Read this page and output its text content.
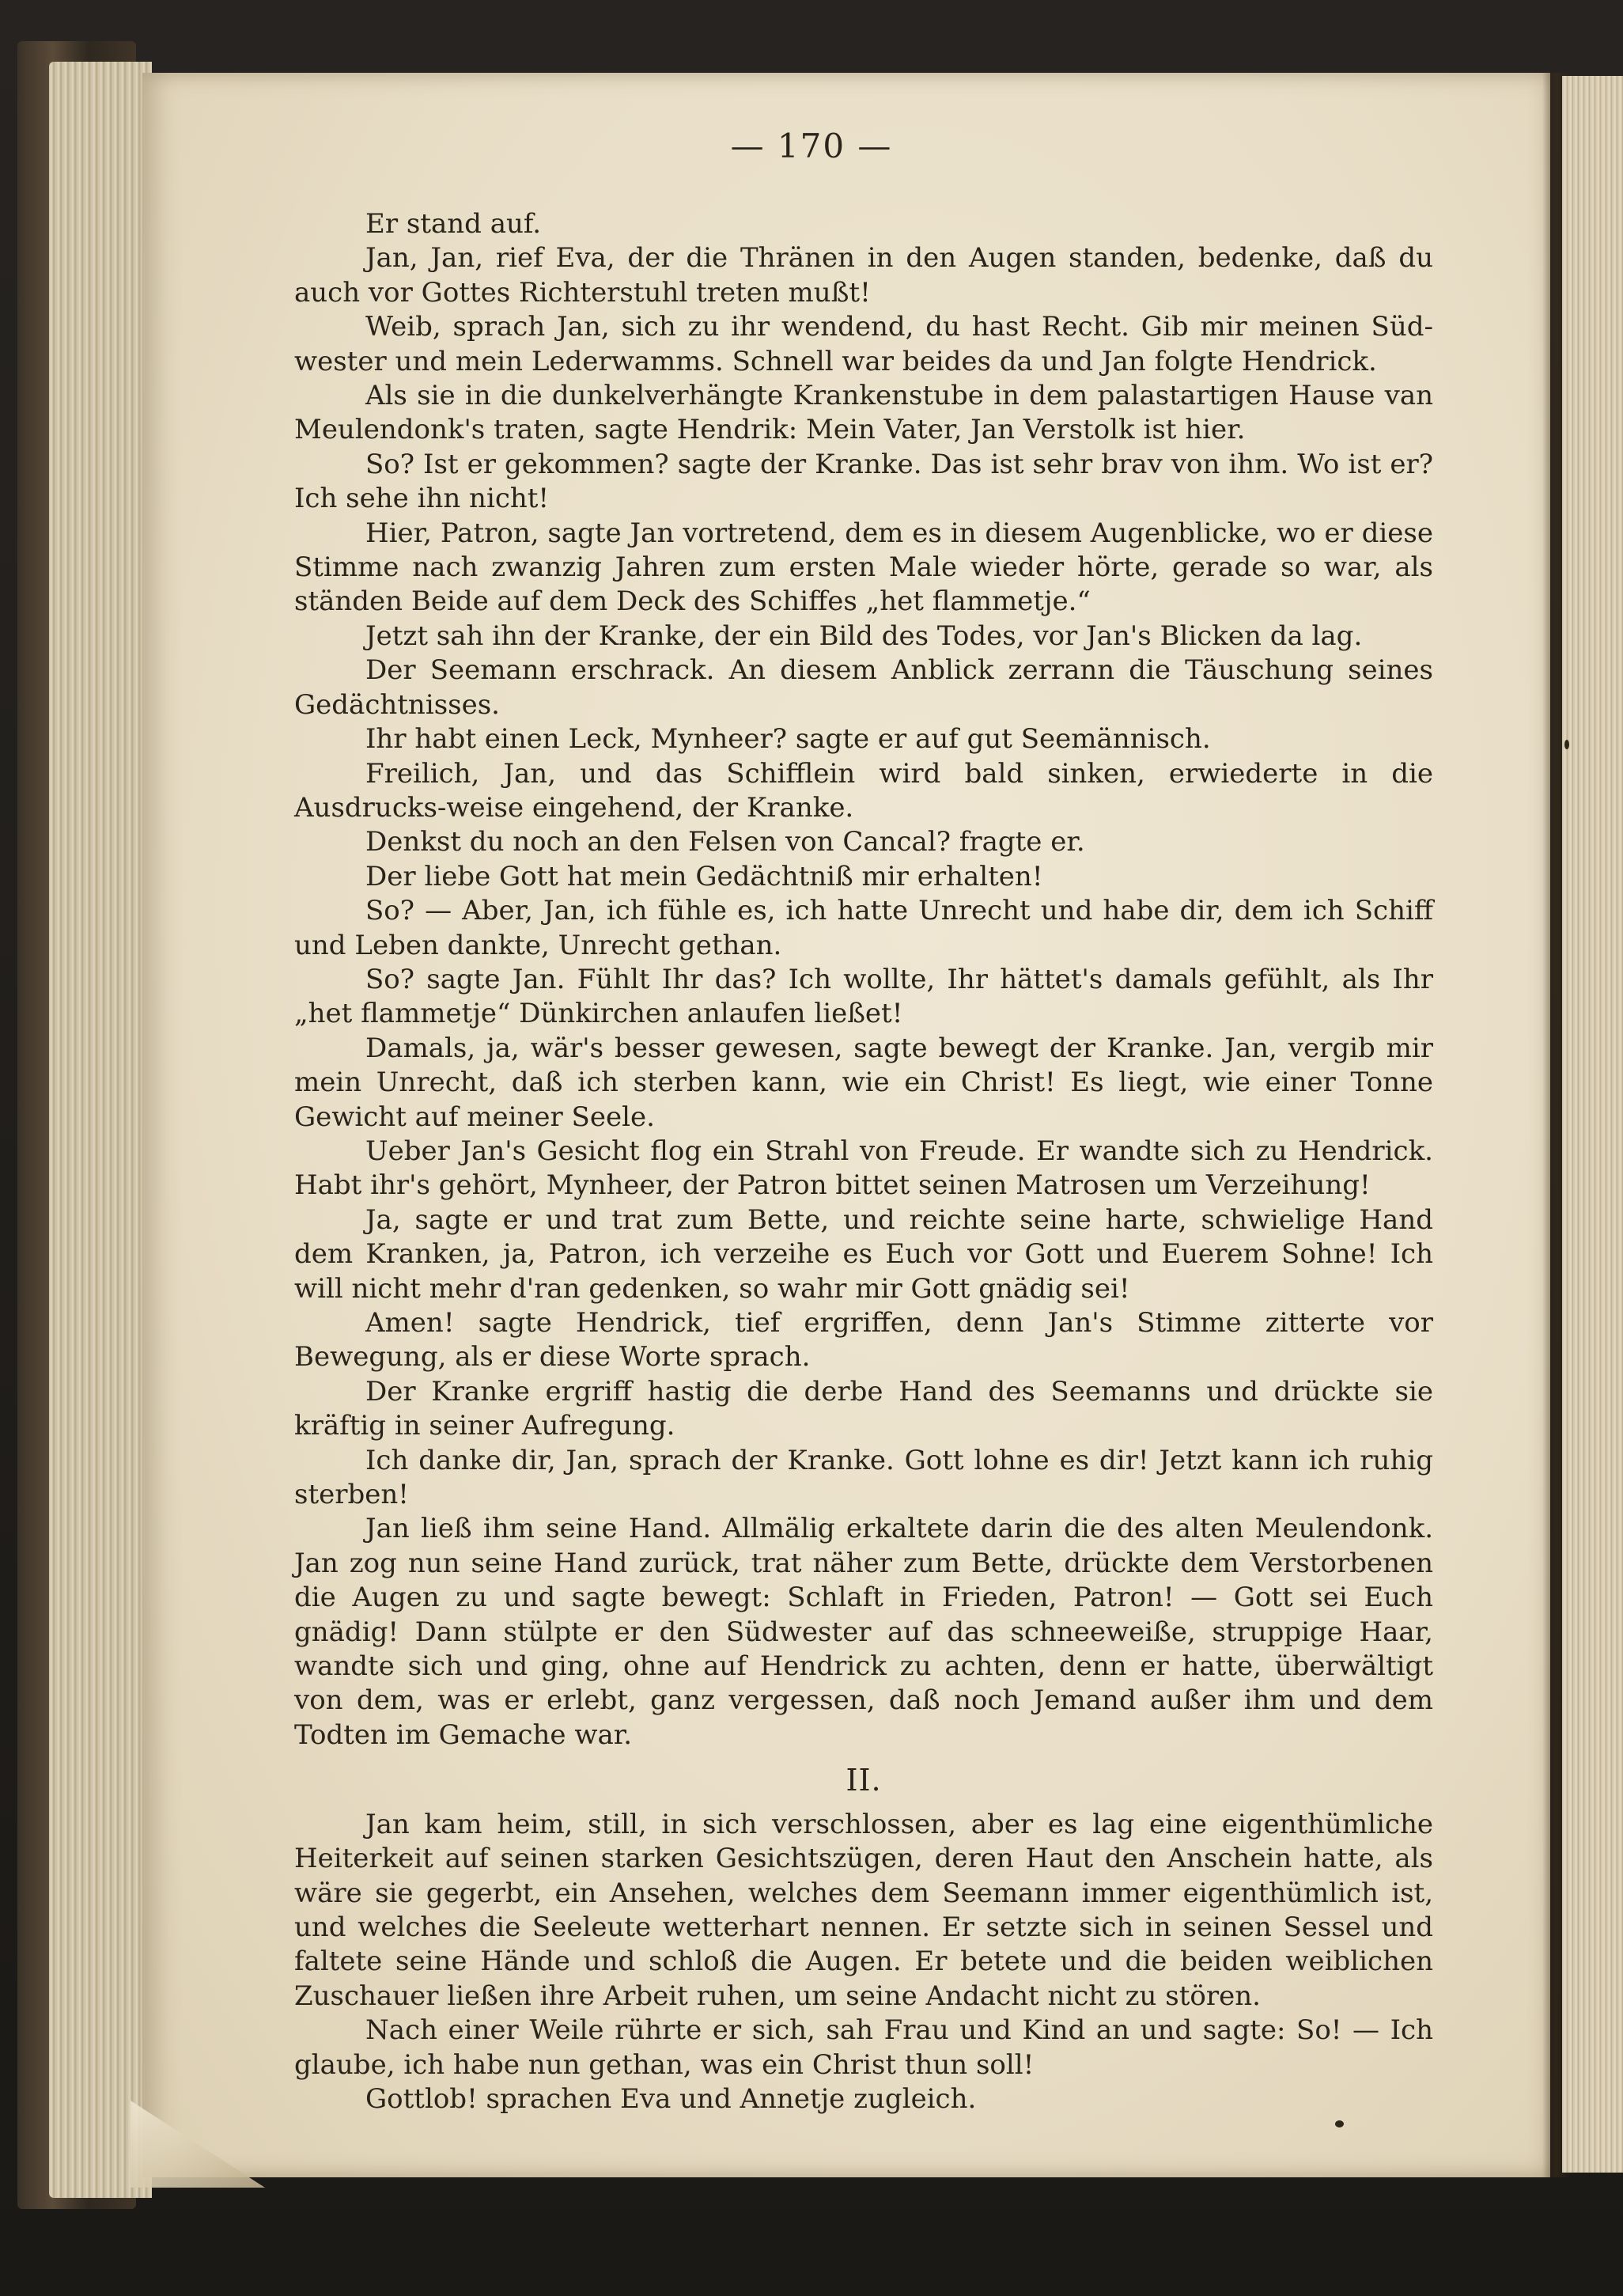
— 170 —

Er stand auf.

Jan, Jan, rief Eva, der die Thränen in den Augen standen, bedenke, daß du auch vor Gottes Richterstuhl treten mußt!

Weib, sprach Jan, sich zu ihr wendend, du hast Recht. Gib mir meinen Süd-wester und mein Lederwamms. Schnell war beides da und Jan folgte Hendrick.

Als sie in die dunkelverhängte Krankenstube in dem palastartigen Hause van Meulendonk's traten, sagte Hendrik: Mein Vater, Jan Verstolk ist hier.

So? Ist er gekommen? sagte der Kranke. Das ist sehr brav von ihm. Wo ist er? Ich sehe ihn nicht!

Hier, Patron, sagte Jan vortretend, dem es in diesem Augenblicke, wo er diese Stimme nach zwanzig Jahren zum ersten Male wieder hörte, gerade so war, als ständen Beide auf dem Deck des Schiffes „het flammetje.“

Jetzt sah ihn der Kranke, der ein Bild des Todes, vor Jan's Blicken da lag.

Der Seemann erschrack. An diesem Anblick zerrann die Täuschung seines Gedächtnisses.

Ihr habt einen Leck, Mynheer? sagte er auf gut Seemännisch.

Freilich, Jan, und das Schifflein wird bald sinken, erwiederte in die Ausdrucks-weise eingehend, der Kranke.

Denkst du noch an den Felsen von Cancal? fragte er.

Der liebe Gott hat mein Gedächtniß mir erhalten!

So? — Aber, Jan, ich fühle es, ich hatte Unrecht und habe dir, dem ich Schiff und Leben dankte, Unrecht gethan.

So? sagte Jan. Fühlt Ihr das? Ich wollte, Ihr hättet's damals gefühlt, als Ihr „het flammetje“ Dünkirchen anlaufen ließet!

Damals, ja, wär's besser gewesen, sagte bewegt der Kranke. Jan, vergib mir mein Unrecht, daß ich sterben kann, wie ein Christ! Es liegt, wie einer Tonne Gewicht auf meiner Seele.

Ueber Jan's Gesicht flog ein Strahl von Freude. Er wandte sich zu Hendrick. Habt ihr's gehört, Mynheer, der Patron bittet seinen Matrosen um Verzeihung!

Ja, sagte er und trat zum Bette, und reichte seine harte, schwielige Hand dem Kranken, ja, Patron, ich verzeihe es Euch vor Gott und Euerem Sohne! Ich will nicht mehr d'ran gedenken, so wahr mir Gott gnädig sei!

Amen! sagte Hendrick, tief ergriffen, denn Jan's Stimme zitterte vor Bewegung, als er diese Worte sprach.

Der Kranke ergriff hastig die derbe Hand des Seemanns und drückte sie kräftig in seiner Aufregung.

Ich danke dir, Jan, sprach der Kranke. Gott lohne es dir! Jetzt kann ich ruhig sterben!

Jan ließ ihm seine Hand. Allmälig erkaltete darin die des alten Meulendonk. Jan zog nun seine Hand zurück, trat näher zum Bette, drückte dem Verstorbenen die Augen zu und sagte bewegt: Schlaft in Frieden, Patron! — Gott sei Euch gnädig! Dann stülpte er den Südwester auf das schneeweiße, struppige Haar, wandte sich und ging, ohne auf Hendrick zu achten, denn er hatte, überwältigt von dem, was er erlebt, ganz vergessen, daß noch Jemand außer ihm und dem Todten im Gemache war.

II.

Jan kam heim, still, in sich verschlossen, aber es lag eine eigenthümliche Heiterkeit auf seinen starken Gesichtszügen, deren Haut den Anschein hatte, als wäre sie gegerbt, ein Ansehen, welches dem Seemann immer eigenthümlich ist, und welches die Seeleute wetterhart nennen. Er setzte sich in seinen Sessel und faltete seine Hände und schloß die Augen. Er betete und die beiden weiblichen Zuschauer ließen ihre Arbeit ruhen, um seine Andacht nicht zu stören.

Nach einer Weile rührte er sich, sah Frau und Kind an und sagte: So! — Ich glaube, ich habe nun gethan, was ein Christ thun soll!

Gottlob! sprachen Eva und Annetje zugleich.
